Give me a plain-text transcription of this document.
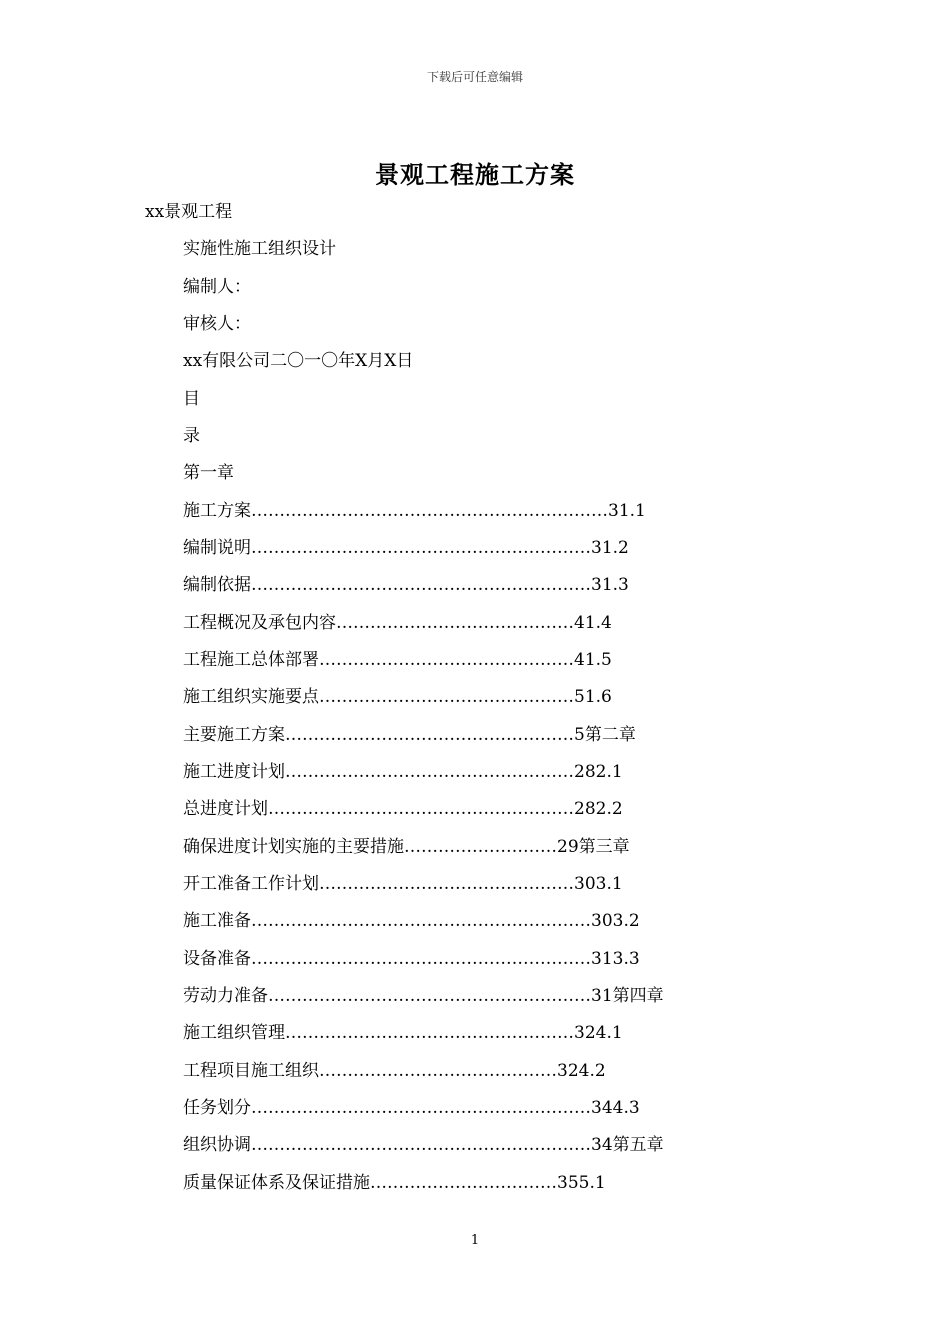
下载后可任意编辑
景观工程施工方案
xx景观工程
实施性施工组织设计
编制人：
审核人：
xx有限公司二〇一〇年X月X日
目
录
第一章
施工方案………………………………………………………31.1
编制说明……………………………………………………31.2
编制依据……………………………………………………31.3
工程概况及承包内容……………………………………41.4
工程施工总体部署………………………………………41.5
施工组织实施要点………………………………………51.6
主要施工方案……………………………………………5第二章
施工进度计划……………………………………………282.1
总进度计划………………………………………………282.2
确保进度计划实施的主要措施………………………29第三章
开工准备工作计划………………………………………303.1
施工准备……………………………………………………303.2
设备准备……………………………………………………313.3
劳动力准备…………………………………………………31第四章
施工组织管理……………………………………………324.1
工程项目施工组织……………………………………324.2
任务划分……………………………………………………344.3
组织协调……………………………………………………34第五章
质量保证体系及保证措施……………………………355.1
1
